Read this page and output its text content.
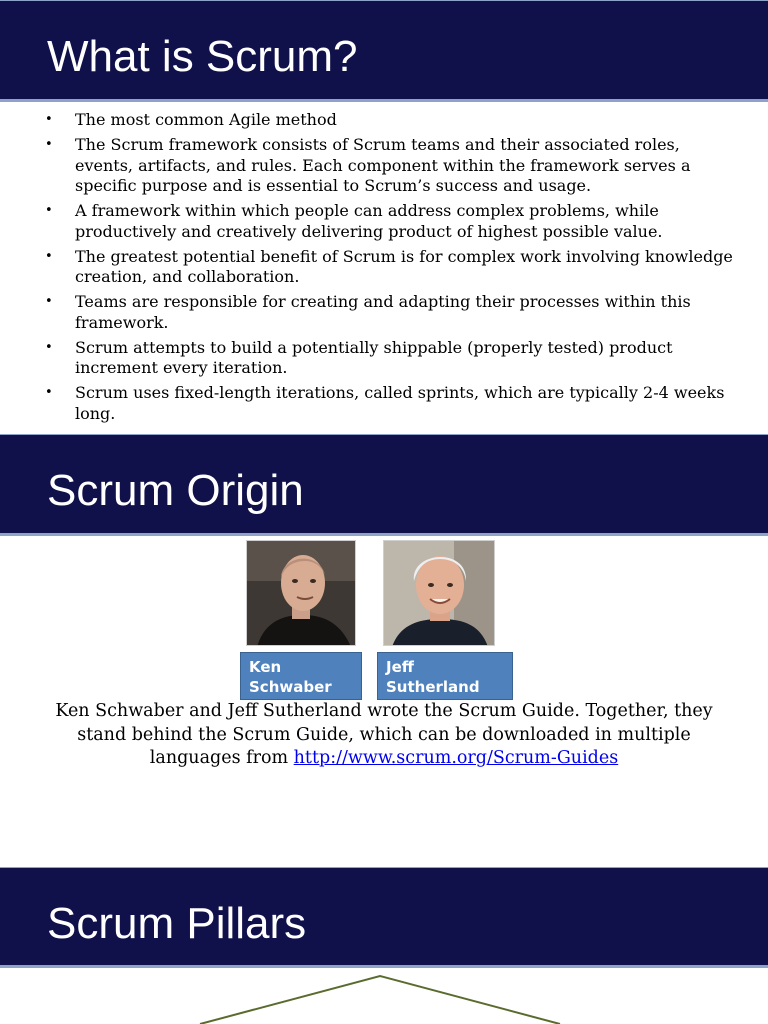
What is Scrum?
• The most common Agile method
• The Scrum framework consists of Scrum teams and their associated roles, events, artifacts, and rules. Each component within the framework serves a specific purpose and is essential to Scrum’s success and usage.
• A framework within which people can address complex problems, while productively and creatively delivering product of highest possible value.
• The greatest potential benefit of Scrum is for complex work involving knowledge creation, and collaboration.
• Teams are responsible for creating and adapting their processes within this framework.
• Scrum attempts to build a potentially shippable (properly tested) product increment every iteration.
• Scrum uses fixed-length iterations, called sprints, which are typically 2-4 weeks long.
Scrum Origin
Ken
Schwaber
Jeff
Sutherland
Ken Schwaber and Jeff Sutherland wrote the Scrum Guide. Together, they stand behind the Scrum Guide, which can be downloaded in multiple languages from http://www.scrum.org/Scrum-Guides
Scrum Pillars
